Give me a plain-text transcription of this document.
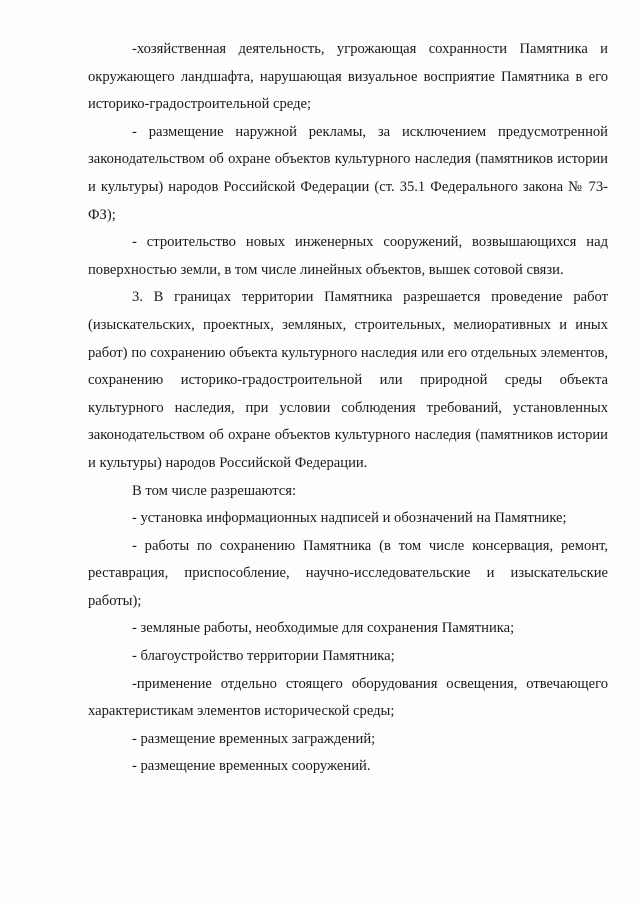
-хозяйственная деятельность, угрожающая сохранности Памятника и окружающего ландшафта, нарушающая визуальное восприятие Памятника в его историко-градостроительной среде;

- размещение наружной рекламы, за исключением предусмотренной законодательством об охране объектов культурного наследия (памятников истории и культуры) народов Российской Федерации (ст. 35.1 Федерального закона № 73-ФЗ);

- строительство новых инженерных сооружений, возвышающихся над поверхностью земли, в том числе линейных объектов, вышек сотовой связи.

3. В границах территории Памятника разрешается проведение работ (изыскательских, проектных, земляных, строительных, мелиоративных и иных работ) по сохранению объекта культурного наследия или его отдельных элементов, сохранению историко-градостроительной или природной среды объекта культурного наследия, при условии соблюдения требований, установленных законодательством об охране объектов культурного наследия (памятников истории и культуры) народов Российской Федерации.

В том числе разрешаются:

- установка информационных надписей и обозначений на Памятнике;

- работы по сохранению Памятника (в том числе консервация, ремонт, реставрация, приспособление, научно-исследовательские и изыскательские работы);

- земляные работы, необходимые для сохранения Памятника;

- благоустройство территории Памятника;

-применение отдельно стоящего оборудования освещения, отвечающего характеристикам элементов исторической среды;

- размещение временных заграждений;

- размещение временных сооружений.
